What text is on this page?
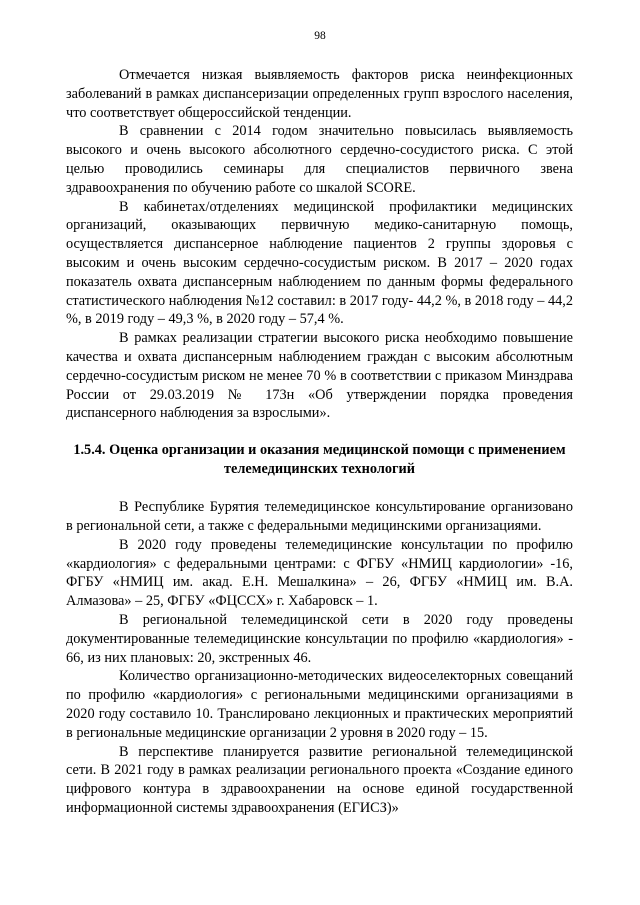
98

Отмечается низкая выявляемость факторов риска неинфекционных заболеваний в рамках диспансеризации определенных групп взрослого населения, что соответствует общероссийской тенденции.

В сравнении с 2014 годом значительно повысилась выявляемость высокого и очень высокого абсолютного сердечно-сосудистого риска. С этой целью проводились семинары для специалистов первичного звена здравоохранения по обучению работе со шкалой SCORE.

В кабинетах/отделениях медицинской профилактики медицинских организаций, оказывающих первичную медико-санитарную помощь, осуществляется диспансерное наблюдение пациентов 2 группы здоровья с высоким и очень высоким сердечно-сосудистым риском. В 2017 – 2020 годах показатель охвата диспансерным наблюдением по данным формы федерального статистического наблюдения №12 составил: в 2017 году- 44,2 %, в 2018 году – 44,2 %, в 2019 году – 49,3 %, в 2020 году – 57,4 %.

В рамках реализации стратегии высокого риска необходимо повышение качества и охвата диспансерным наблюдением граждан с высоким абсолютным сердечно-сосудистым риском не менее 70 % в соответствии с приказом Минздрава России от 29.03.2019 № 173н «Об утверждении порядка проведения диспансерного наблюдения за взрослыми».

1.5.4. Оценка организации и оказания медицинской помощи с применением телемедицинских технологий

В Республике Бурятия телемедицинское консультирование организовано в региональной сети, а также с федеральными медицинскими организациями.

В 2020 году проведены телемедицинские консультации по профилю «кардиология» с федеральными центрами: с ФГБУ «НМИЦ кардиологии» -16, ФГБУ «НМИЦ им. акад. Е.Н. Мешалкина» – 26, ФГБУ «НМИЦ им. В.А. Алмазова» – 25, ФГБУ «ФЦССХ» г. Хабаровск – 1.

В региональной телемедицинской сети в 2020 году проведены документированные телемедицинские консультации по профилю «кардиология» - 66, из них плановых: 20, экстренных 46.

Количество организационно-методических видеоселекторных совещаний по профилю «кардиология» с региональными медицинскими организациями в 2020 году составило 10. Транслировано лекционных и практических мероприятий в региональные медицинские организации 2 уровня в 2020 году – 15.

В перспективе планируется развитие региональной телемедицинской сети. В 2021 году в рамках реализации регионального проекта «Создание единого цифрового контура в здравоохранении на основе единой государственной информационной системы здравоохранения (ЕГИСЗ)»
